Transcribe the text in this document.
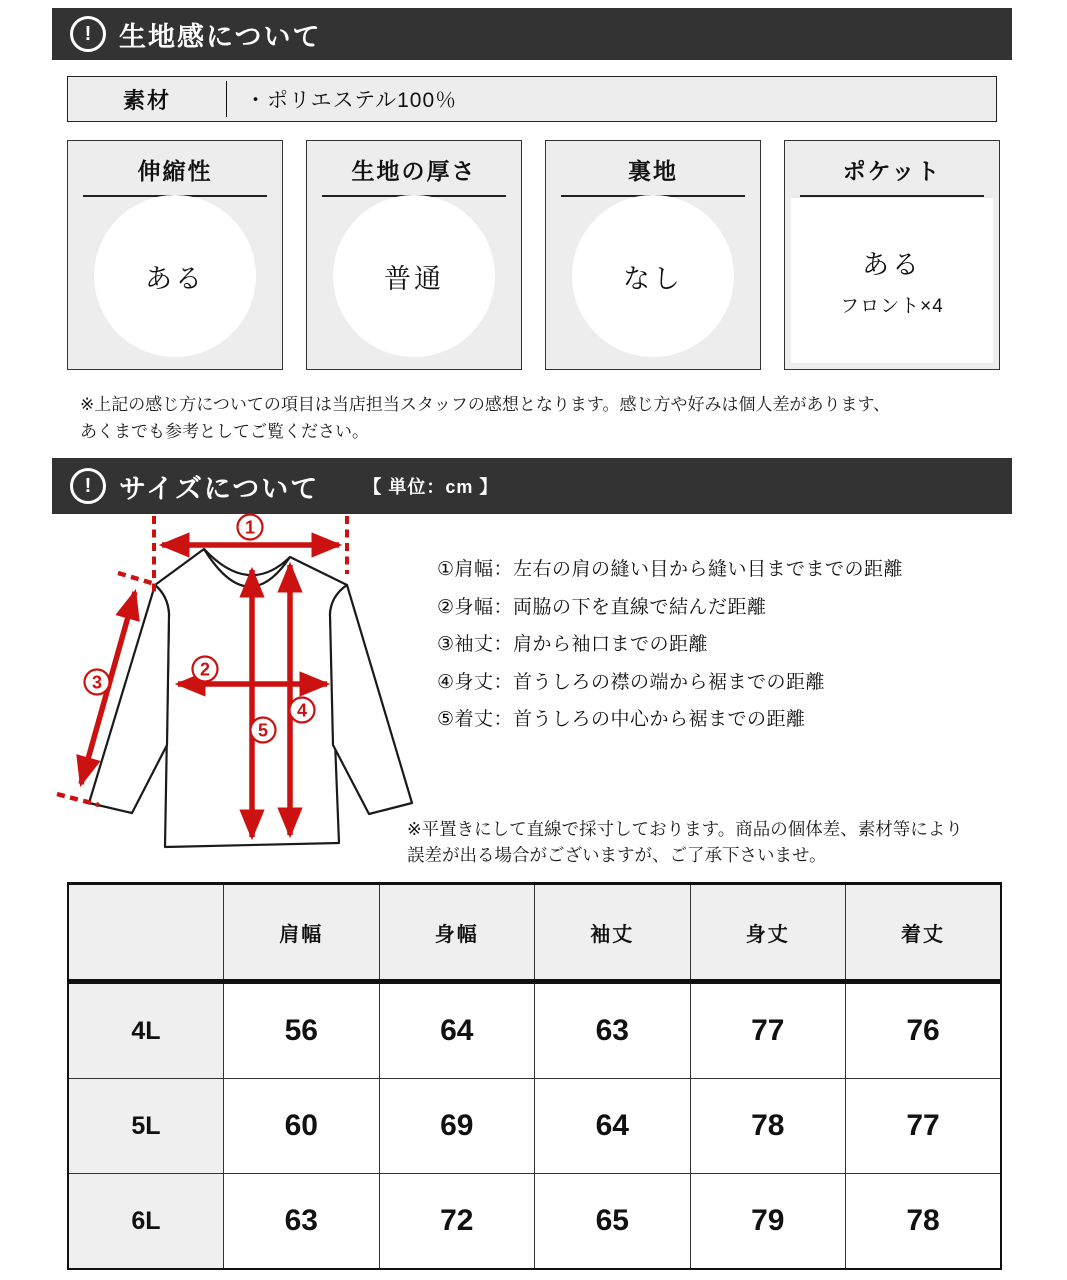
!	生地感について
素材	・ポリエステル100％
伸縮性
ある
生地の厚さ
普通
裏地
なし
ポケット
ある
フロント×4
※上記の感じ方についての項目は当店担当スタッフの感想となります。感じ方や好みは個人差があります、
あくまでも参考としてご覧ください。
!	サイズについて 【 単位：cm 】
1
2
3
4
5
①肩幅：左右の肩の縫い目から縫い目までまでの距離
②身幅：両脇の下を直線で結んだ距離
③袖丈：肩から袖口までの距離
④身丈：首うしろの襟の端から裾までの距離
⑤着丈：首うしろの中心から裾までの距離
※平置きにして直線で採寸しております。商品の個体差、素材等により
誤差が出る場合がございますが、ご了承下さいませ。
	肩幅	身幅	袖丈	身丈	着丈
4L	56	64	63	77	76
5L	60	69	64	78	77
6L	63	72	65	79	78
